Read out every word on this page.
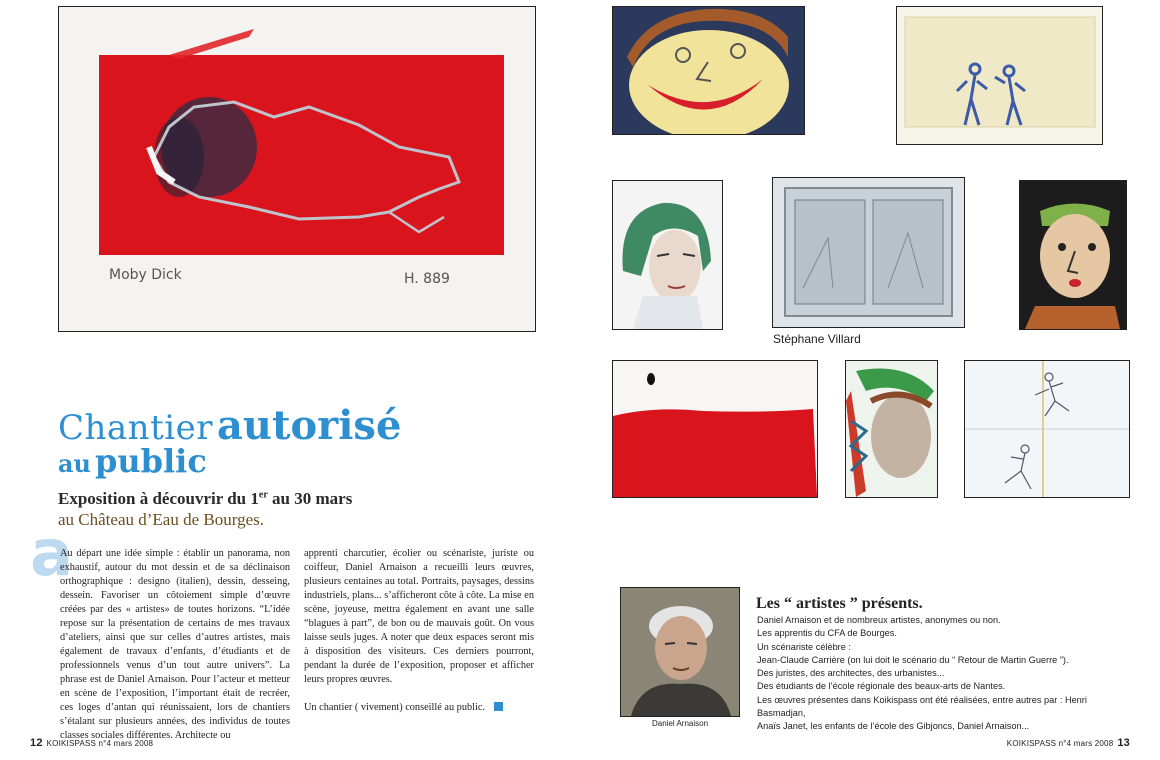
Moby Dick	H. 889
Chantier autorisé
au public
Exposition à découvrir du 1er au 30 mars
au Château d’Eau de Bourges.
a
Au départ une idée simple : établir un panorama, non exhaustif, autour du mot dessin et de sa déclinaison orthographique : designo (italien), dessin, desseing, dessein. Favoriser un côtoiement simple d’œuvre créées par des « artistes» de toutes horizons. “L’idée repose sur la présentation de certains de mes travaux d’ateliers, ainsi que sur celles d’autres artistes, mais également de travaux d’enfants, d’étudiants et de professionnels venus d’un tout autre univers”. La phrase est de Daniel Arnaison. Pour l’acteur et metteur en scène de l’exposition, l’important était de recréer, ces loges d’antan qui réunissaient, lors de chantiers s’étalant sur plusieurs années, des individus de toutes classes sociales différentes. Architecte ou
apprenti charcutier, écolier ou scénariste, juriste ou coiffeur, Daniel Arnaison a recueilli leurs œuvres, plusieurs centaines au total. Portraits, paysages, dessins industriels, plans... s’afficheront côte à côte. La mise en scène, joyeuse, mettra également en avant une salle “blagues à part”, de bon ou de mauvais goût. On vous laisse seuls juges. A noter que deux espaces seront mis à disposition des visiteurs. Ces derniers pourront, pendant la durée de l’exposition, proposer et afficher leurs propres œuvres.
Un chantier ( vivement) conseillé au public.
12 KOIKISPASS n°4 mars 2008
Stéphane Villard
Daniel Arnaison
Les “ artistes ” présents.
Daniel Arnaison et de nombreux artistes, anonymes ou non.
Les apprentis du CFA de Bourges.
Un scénariste célèbre :
Jean-Claude Carrière (on lui doit le scénario du “ Retour de Martin Guerre ”).
Des juristes, des architectes, des urbanistes...
Des étudiants de l’école régionale des beaux-arts de Nantes.
Les œuvres présentes dans Koikispass ont été réalisées, entre autres par : Henri Basmadjan,
Anaïs Janet, les enfants de l’école des Gibjoncs, Daniel Arnaison...
KOIKISPASS n°4 mars 2008 13
